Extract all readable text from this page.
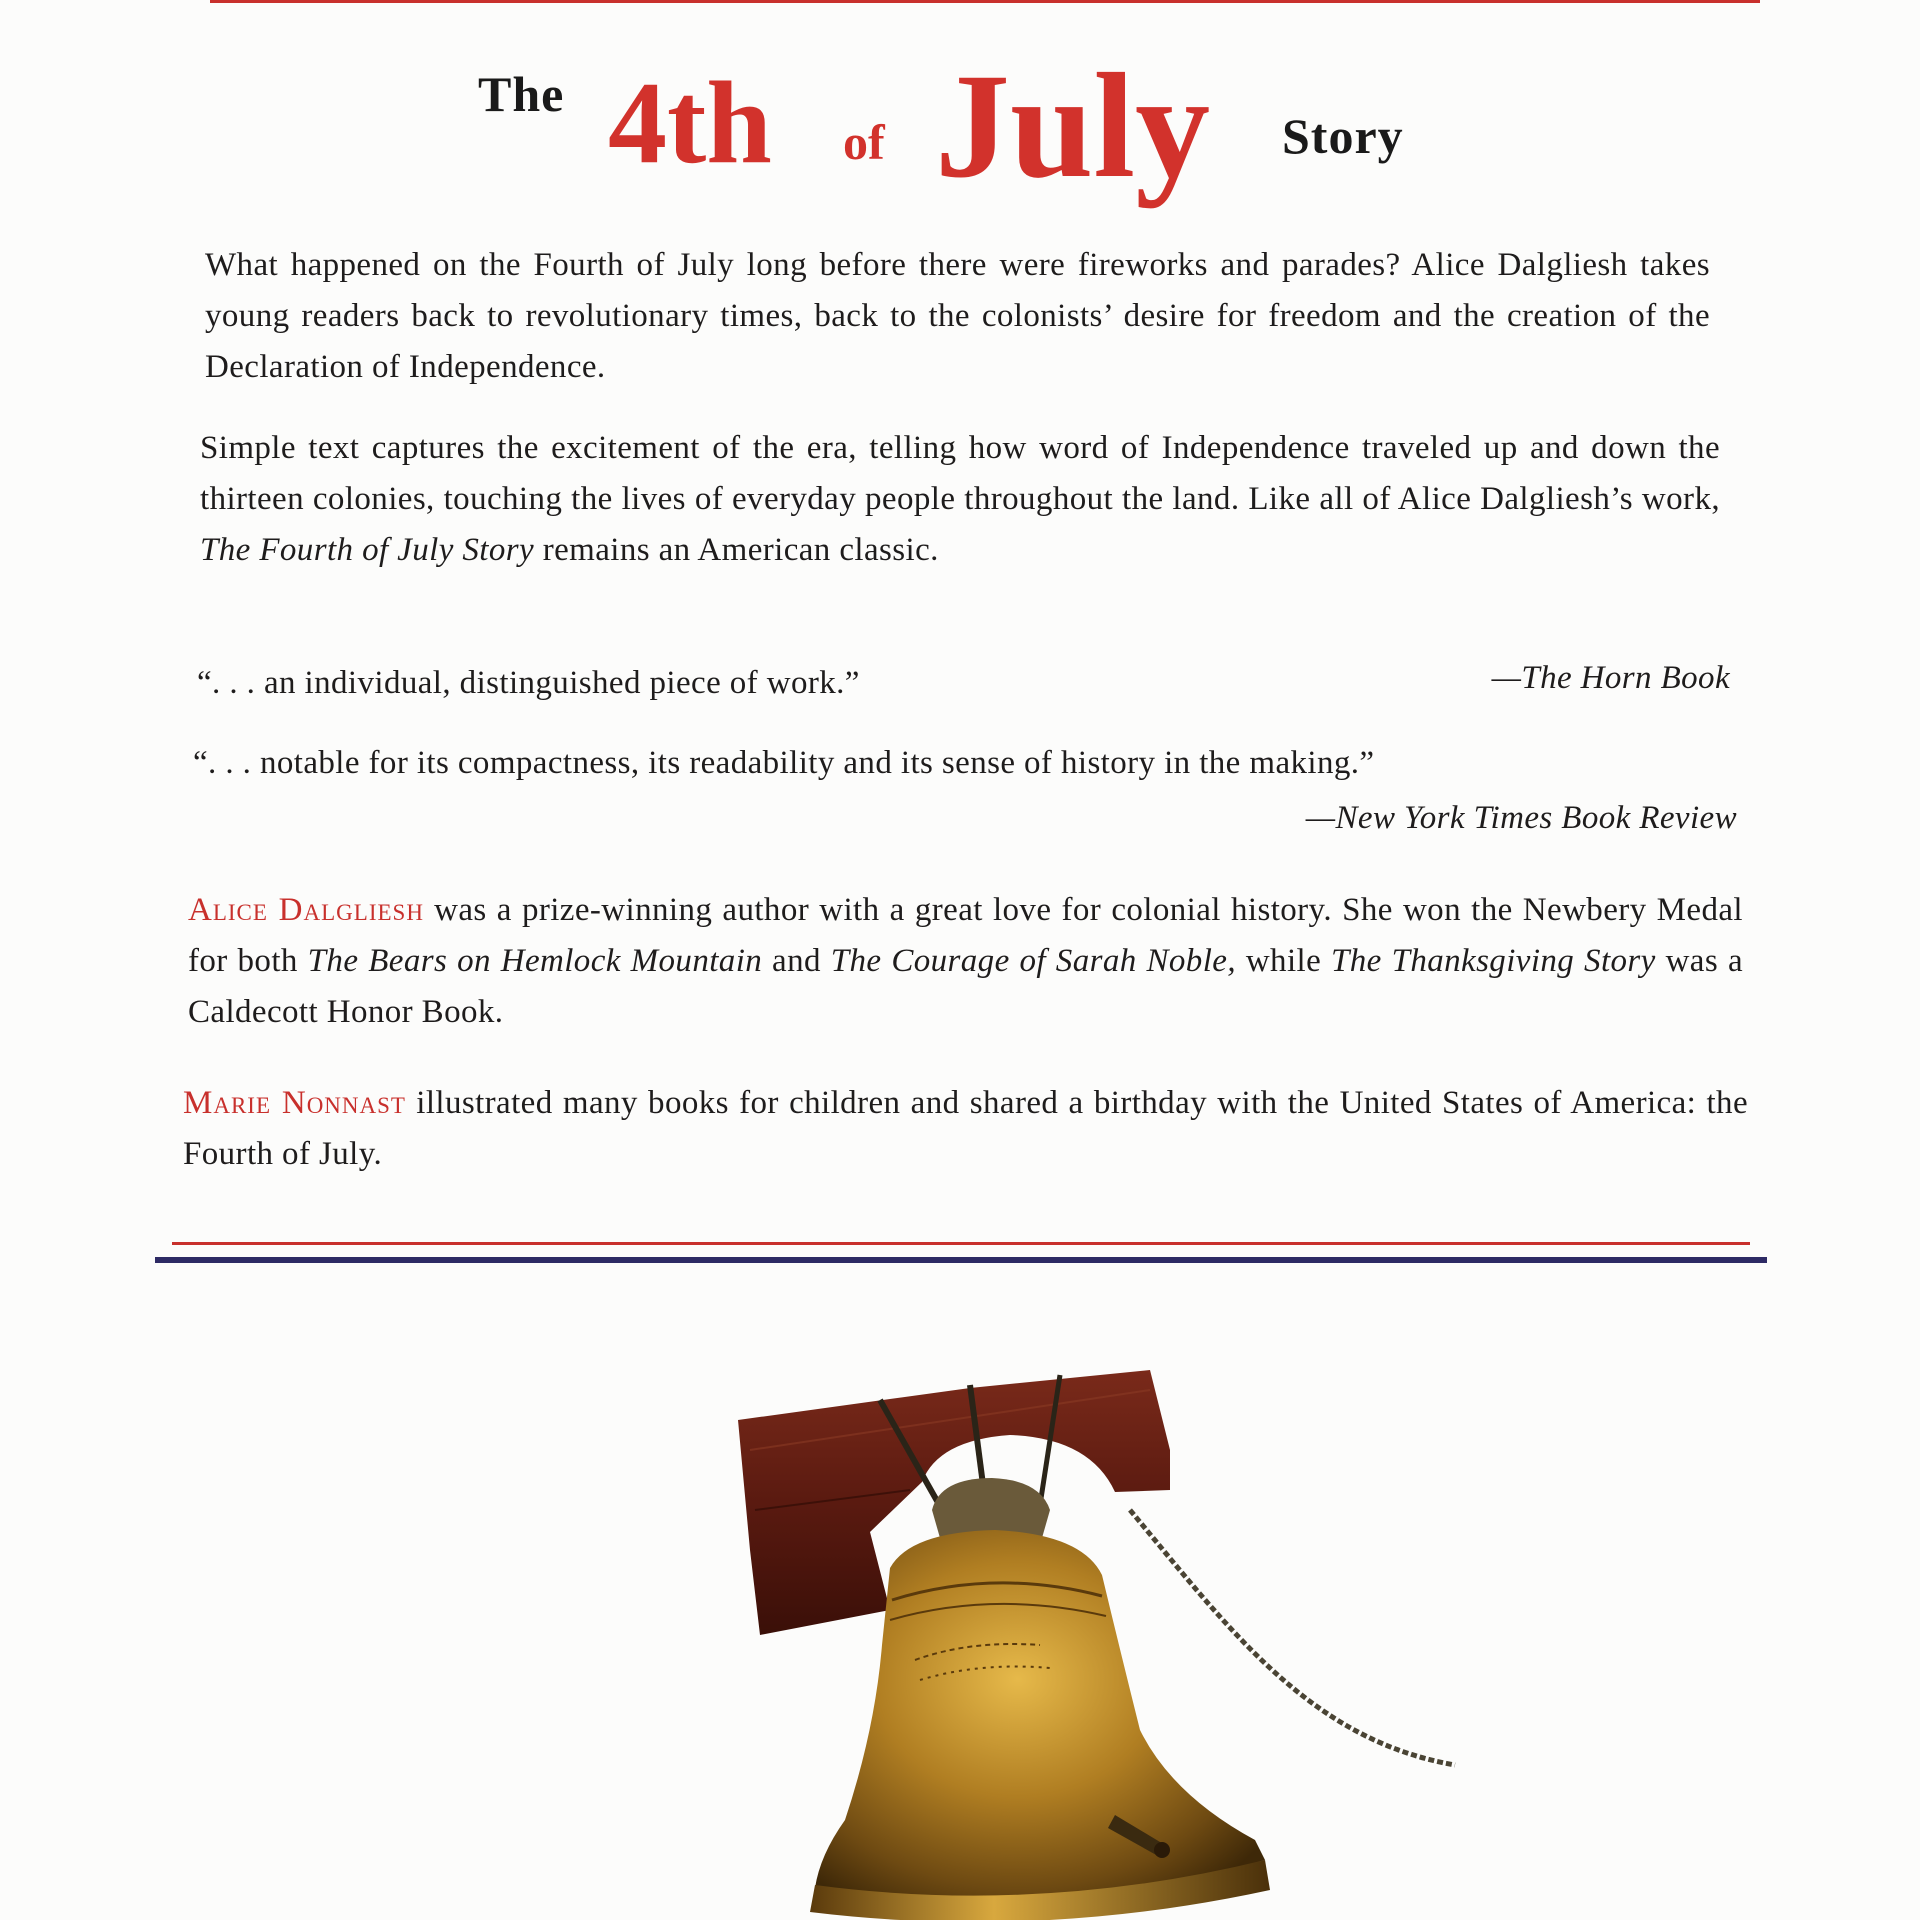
The 4th of July Story

What happened on the Fourth of July long before there were fireworks and parades? Alice Dalgliesh takes young readers back to revolutionary times, back to the colonists’ desire for freedom and the creation of the Declaration of Independence.

Simple text captures the excitement of the era, telling how word of Independence traveled up and down the thirteen colonies, touching the lives of everyday people throughout the land. Like all of Alice Dalgliesh’s work, The Fourth of July Story remains an American classic.

“. . . an individual, distinguished piece of work.”	—The Horn Book
“. . . notable for its compactness, its readability and its sense of history in the making.”
—New York Times Book Review

Alice Dalgliesh was a prize-winning author with a great love for colonial history. She won the Newbery Medal for both The Bears on Hemlock Mountain and The Courage of Sarah Noble, while The Thanksgiving Story was a Caldecott Honor Book.

Marie Nonnast illustrated many books for children and shared a birthday with the United States of America: the Fourth of July.
